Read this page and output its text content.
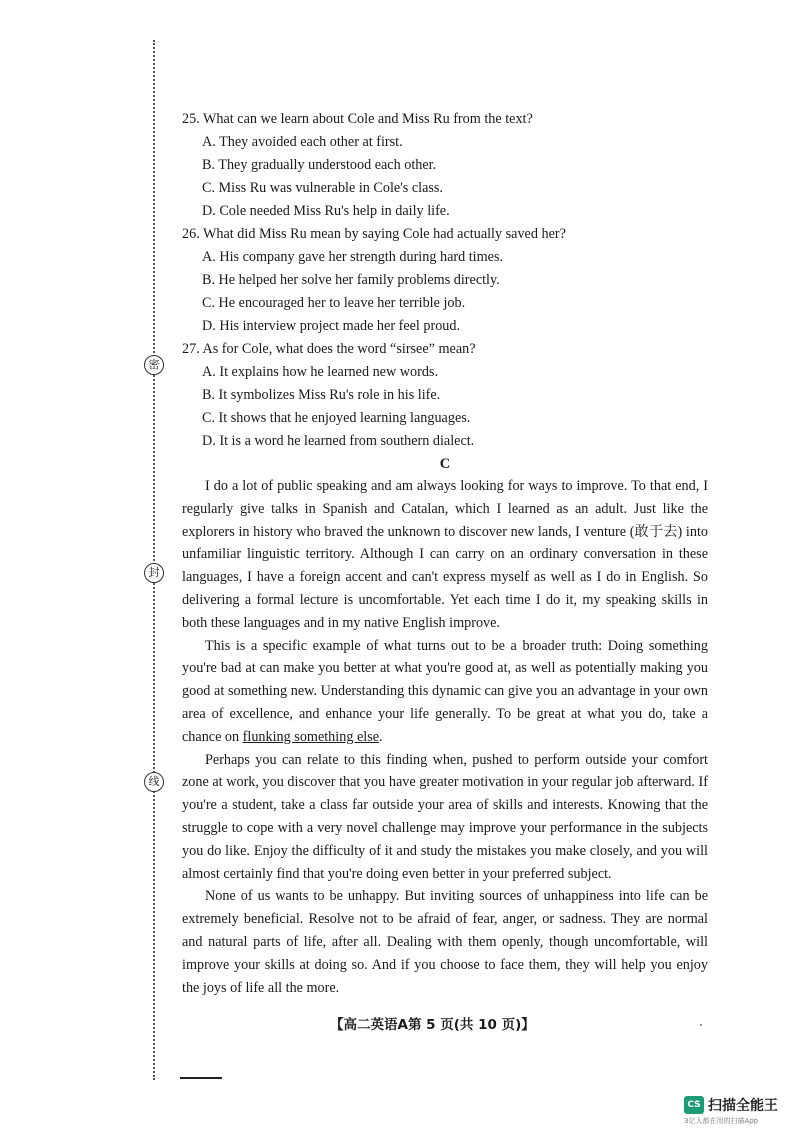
密
封
线

25. What can we learn about Cole and Miss Ru from the text?

A. They avoided each other at first.

B. They gradually understood each other.

C. Miss Ru was vulnerable in Cole's class.

D. Cole needed Miss Ru's help in daily life.

26. What did Miss Ru mean by saying Cole had actually saved her?

A. His company gave her strength during hard times.

B. He helped her solve her family problems directly.

C. He encouraged her to leave her terrible job.

D. His interview project made her feel proud.

27. As for Cole, what does the word “sirsee” mean?

A. It explains how he learned new words.

B. It symbolizes Miss Ru's role in his life.

C. It shows that he enjoyed learning languages.

D. It is a word he learned from southern dialect.

C

I do a lot of public speaking and am always looking for ways to improve. To that end, I regularly give talks in Spanish and Catalan, which I learned as an adult. Just like the explorers in history who braved the unknown to discover new lands, I venture (敢于去) into unfamiliar linguistic territory. Although I can carry on an ordinary conversation in these languages, I have a foreign accent and can't express myself as well as I do in English. So delivering a formal lecture is uncomfortable. Yet each time I do it, my speaking skills in both these languages and in my native English improve.

This is a specific example of what turns out to be a broader truth: Doing something you're bad at can make you better at what you're good at, as well as potentially making you good at something new. Understanding this dynamic can give you an advantage in your own area of excellence, and enhance your life generally. To be great at what you do, take a chance on flunking something else.

Perhaps you can relate to this finding when, pushed to perform outside your comfort zone at work, you discover that you have greater motivation in your regular job afterward. If you're a student, take a class far outside your area of skills and interests. Knowing that the struggle to cope with a very novel challenge may improve your performance in the subjects you do like. Enjoy the difficulty of it and study the mistakes you make closely, and you will almost certainly find that you're doing even better in your preferred subject.

None of us wants to be unhappy. But inviting sources of unhappiness into life can be extremely beneficial. Resolve not to be afraid of fear, anger, or sadness. They are normal and natural parts of life, after all. Dealing with them openly, though uncomfortable, will improve your skills at doing so. And if you choose to face them, they will help you enjoy the joys of life all the more.

【高二英语A第 5 页(共 10 页)】
CS 扫描全能王
3亿人都在用的扫描App
